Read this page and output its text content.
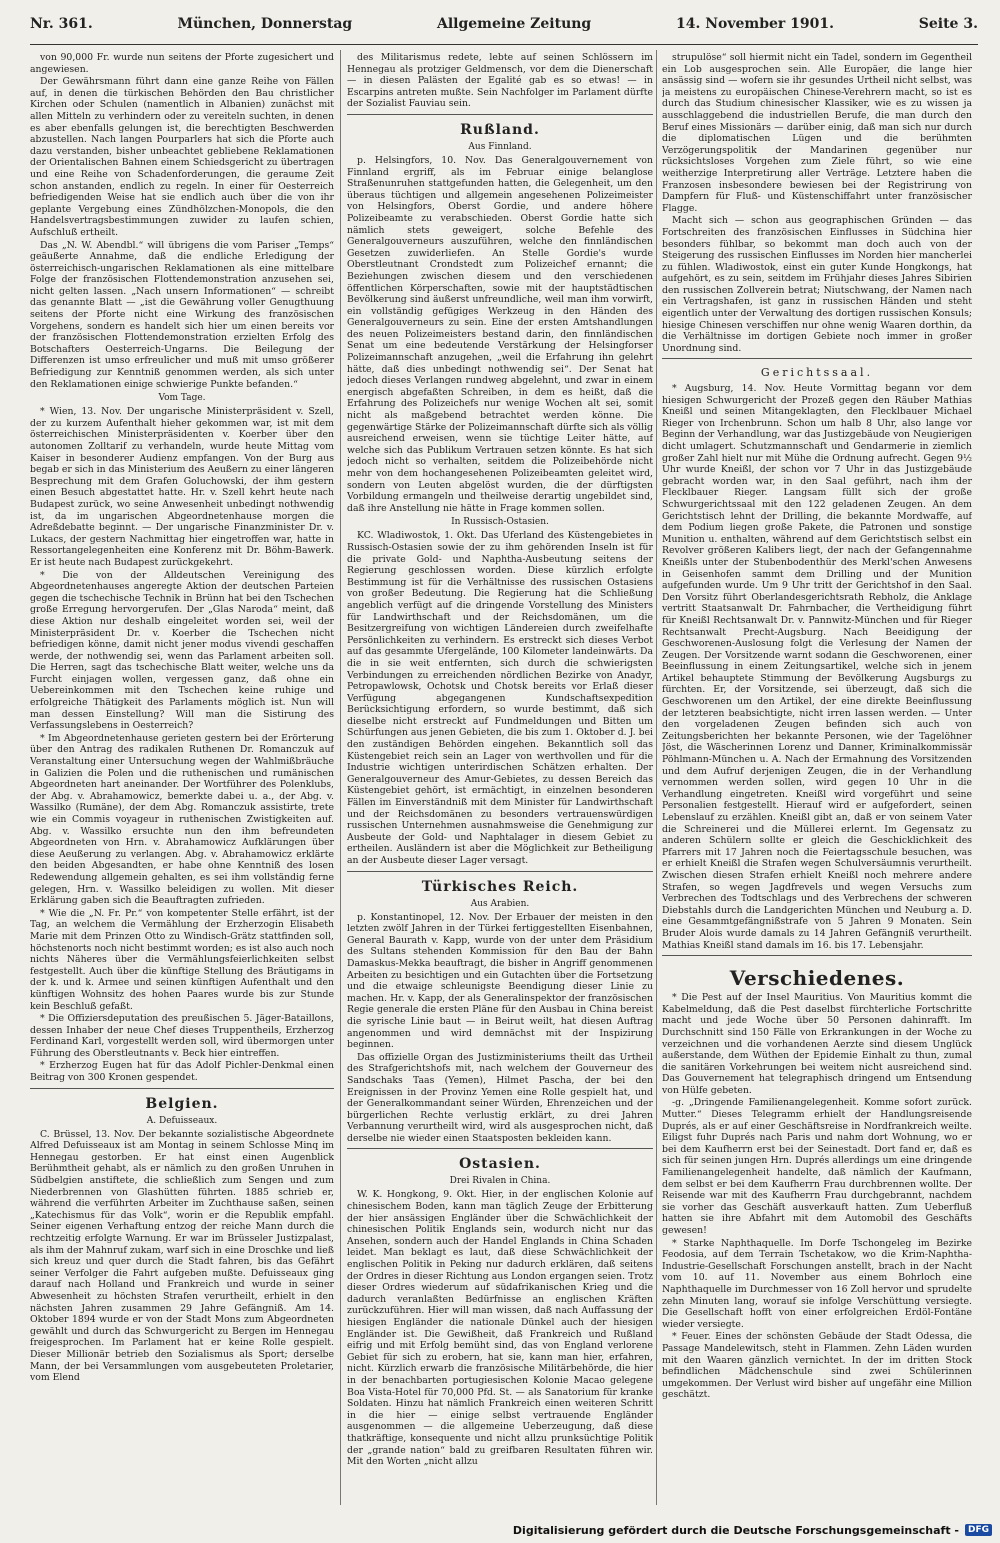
Nr. 361.	München, Donnerstag	Allgemeine Zeitung	14. November 1901.	Seite 3.

von 90,000 Fr. wurde nun seitens der Pforte zugesichert und angewiesen.

Der Gewährsmann führt dann eine ganze Reihe von Fällen auf, in denen die türkischen Behörden den Bau christlicher Kirchen oder Schulen (namentlich in Albanien) zunächst mit allen Mitteln zu verhindern oder zu vereiteln suchten, in denen es aber ebenfalls gelungen ist, die berechtigten Beschwerden abzustellen. Nach langen Pourparlers hat sich die Pforte auch dazu verstanden, bisher unbeachtet gebliebene Reklamationen der Orientalischen Bahnen einem Schiedsgericht zu übertragen und eine Reihe von Schadenforderungen, die geraume Zeit schon anstanden, endlich zu regeln. In einer für Oesterreich befriedigenden Weise hat sie endlich auch über die von ihr geplante Vergebung eines Zündhölzchen-Monopols, die den Handelsvertragsbestimmungen zuwider zu laufen schien, Aufschluß ertheilt.

Das „N. W. Abendbl.“ will übrigens die vom Pariser „Temps“ geäußerte Annahme, daß die endliche Erledigung der österreichisch-ungarischen Reklamationen als eine mittelbare Folge der französischen Flottendemonstration anzusehen sei, nicht gelten lassen. „Nach unsern Informationen“ — schreibt das genannte Blatt — „ist die Gewährung voller Genugthuung seitens der Pforte nicht eine Wirkung des französischen Vorgehens, sondern es handelt sich hier um einen bereits vor der französischen Flottendemonstration erzielten Erfolg des Botschafters Oesterreich-Ungarns. Die Beilegung der Differenzen ist umso erfreulicher und muß mit umso größerer Befriedigung zur Kenntniß genommen werden, als sich unter den Reklamationen einige schwierige Punkte befanden.“

Vom Tage.

* Wien, 13. Nov. Der ungarische Ministerpräsident v. Szell, der zu kurzem Aufenthalt hieher gekommen war, ist mit dem österreichischen Ministerpräsidenten v. Koerber über den autonomen Zolltarif zu verhandeln, wurde heute Mittag vom Kaiser in besonderer Audienz empfangen. Von der Burg aus begab er sich in das Ministerium des Aeußern zu einer längeren Besprechung mit dem Grafen Goluchowski, der ihm gestern einen Besuch abgestattet hatte. Hr. v. Szell kehrt heute nach Budapest zurück, wo seine Anwesenheit unbedingt nothwendig ist, da im ungarischen Abgeordnetenhause morgen die Adreßdebatte beginnt. — Der ungarische Finanzminister Dr. v. Lukacs, der gestern Nachmittag hier eingetroffen war, hatte in Ressortangelegenheiten eine Konferenz mit Dr. Böhm-Bawerk. Er ist heute nach Budapest zurückgekehrt.

* Die von der Alldeutschen Vereinigung des Abgeordnetenhauses angeregte Aktion der deutschen Parteien gegen die tschechische Technik in Brünn hat bei den Tschechen große Erregung hervorgerufen. Der „Glas Naroda“ meint, daß diese Aktion nur deshalb eingeleitet worden sei, weil der Ministerpräsident Dr. v. Koerber die Tschechen nicht befriedigen könne, damit nicht jener modus vivendi geschaffen werde, der nothwendig sei, wenn das Parlament arbeiten soll. Die Herren, sagt das tschechische Blatt weiter, welche uns da Furcht einjagen wollen, vergessen ganz, daß ohne ein Uebereinkommen mit den Tschechen keine ruhige und erfolgreiche Thätigkeit des Parlaments möglich ist. Nun will man dessen Einstellung? Will man die Sistirung des Verfassungslebens in Oesterreich?

* Im Abgeordnetenhause gerieten gestern bei der Erörterung über den Antrag des radikalen Ruthenen Dr. Romanczuk auf Veranstaltung einer Untersuchung wegen der Wahlmißbräuche in Galizien die Polen und die ruthenischen und rumänischen Abgeordneten hart aneinander. Der Wortführer des Polenklubs, der Abg. v. Abrahamowicz, bemerkte dabei u. a., der Abg. v. Wassilko (Rumäne), der dem Abg. Romanczuk assistirte, trete wie ein Commis voyageur in ruthenischen Zwistigkeiten auf. Abg. v. Wassilko ersuchte nun den ihm befreundeten Abgeordneten von Hrn. v. Abrahamowicz Aufklärungen über diese Aeußerung zu verlangen. Abg. v. Abrahamowicz erklärte den beiden Abgesandten, er habe ohne Kenntniß des losen Redewendung allgemein gehalten, es sei ihm vollständig ferne gelegen, Hrn. v. Wassilko beleidigen zu wollen. Mit dieser Erklärung gaben sich die Beauftragten zufrieden.

* Wie die „N. Fr. Pr.“ von kompetenter Stelle erfährt, ist der Tag, an welchem die Vermählung der Erzherzogin Elisabeth Marie mit dem Prinzen Otto zu Windisch-Grätz stattfinden soll, höchstenorts noch nicht bestimmt worden; es ist also auch noch nichts Näheres über die Vermählungsfeierlichkeiten selbst festgestellt. Auch über die künftige Stellung des Bräutigams in der k. und k. Armee und seinen künftigen Aufenthalt und den künftigen Wohnsitz des hohen Paares wurde bis zur Stunde kein Beschluß gefaßt.

* Die Offiziersdeputation des preußischen 5. Jäger-Bataillons, dessen Inhaber der neue Chef dieses Truppentheils, Erzherzog Ferdinand Karl, vorgestellt werden soll, wird übermorgen unter Führung des Oberstleutnants v. Beck hier eintreffen.

* Erzherzog Eugen hat für das Adolf Pichler-Denkmal einen Beitrag von 300 Kronen gespendet.

Belgien.
A. Defuisseaux.

C. Brüssel, 13. Nov. Der bekannte sozialistische Abgeordnete Alfred Defuisseaux ist am Montag in seinem Schlosse Minq im Hennegau gestorben. Er hat einst einen Augenblick Berühmtheit gehabt, als er nämlich zu den großen Unruhen in Südbelgien anstiftete, die schließlich zum Sengen und zum Niederbrennen von Glashütten führten. 1885 schrieb er, während die verführten Arbeiter im Zuchthause saßen, seinen „Katechismus für das Volk“, worin er die Republik empfahl. Seiner eigenen Verhaftung entzog der reiche Mann durch die rechtzeitig erfolgte Warnung. Er war im Brüsseler Justizpalast, als ihm der Mahnruf zukam, warf sich in eine Droschke und ließ sich kreuz und quer durch die Stadt fahren, bis das Gefährt seiner Verfolger die Fahrt aufgeben mußte. Defuisseaux ging darauf nach Holland und Frankreich und wurde in seiner Abwesenheit zu höchsten Strafen verurtheilt, erhielt in den nächsten Jahren zusammen 29 Jahre Gefängniß. Am 14. Oktober 1894 wurde er von der Stadt Mons zum Abgeordneten gewählt und durch das Schwurgericht zu Bergen im Hennegau freigesprochen. Im Parlament hat er keine Rolle gespielt. Dieser Millionär betrieb den Sozialismus als Sport; derselbe Mann, der bei Versammlungen vom ausgebeuteten Proletarier, vom Elend

des Militarismus redete, lebte auf seinen Schlössern im Hennegau als protziger Geldmensch, vor dem die Dienerschaft — in diesen Palästen der Egalité gab es so etwas! — in Escarpins antreten mußte. Sein Nachfolger im Parlament dürfte der Sozialist Fauviau sein.

Rußland.
Aus Finnland.

p. Helsingfors, 10. Nov. Das Generalgouvernement von Finnland ergriff, als im Februar einige belanglose Straßenunruhen stattgefunden hatten, die Gelegenheit, um den überaus tüchtigen und allgemein angesehenen Polizeimeister von Helsingfors, Oberst Gordie, und andere höhere Polizeibeamte zu verabschieden. Oberst Gordie hatte sich nämlich stets geweigert, solche Befehle des Generalgouverneurs auszuführen, welche den finnländischen Gesetzen zuwiderliefen. An Stelle Gordie's wurde Oberstleutnant Crondstedt zum Polizeichef ernannt; die Beziehungen zwischen diesem und den verschiedenen öffentlichen Körperschaften, sowie mit der hauptstädtischen Bevölkerung sind äußerst unfreundliche, weil man ihm vorwirft, ein vollständig gefügiges Werkzeug in den Händen des Generalgouverneurs zu sein. Eine der ersten Amtshandlungen des neuen Polizeimeisters bestand darin, den finnländischen Senat um eine bedeutende Verstärkung der Helsingforser Polizeimannschaft anzugehen, „weil die Erfahrung ihn gelehrt hätte, daß dies unbedingt nothwendig sei“. Der Senat hat jedoch dieses Verlangen rundweg abgelehnt, und zwar in einem energisch abgefaßten Schreiben, in dem es heißt, daß die Erfahrung des Polizeichefs nur wenige Wochen alt sei, somit nicht als maßgebend betrachtet werden könne. Die gegenwärtige Stärke der Polizeimannschaft dürfte sich als völlig ausreichend erweisen, wenn sie tüchtige Leiter hätte, auf welche sich das Publikum Vertrauen setzen könnte. Es hat sich jedoch nicht so verhalten, seitdem die Polizeibehörde nicht mehr von dem hochangesehenen Polizeibeamten geleitet wird, sondern von Leuten abgelöst wurden, die der dürftigsten Vorbildung ermangeln und theilweise derartig ungebildet sind, daß ihre Anstellung nie hätte in Frage kommen sollen.

In Russisch-Ostasien.

KC. Wladiwostok, 1. Okt. Das Uferland des Küstengebietes in Russisch-Ostasien sowie der zu ihm gehörenden Inseln ist für die private Gold- und Naphtha-Ausbeutung seitens der Regierung geschlossen worden. Diese kürzlich erfolgte Bestimmung ist für die Verhältnisse des russischen Ostasiens von großer Bedeutung. Die Regierung hat die Schließung angeblich verfügt auf die dringende Vorstellung des Ministers für Landwirthschaft und der Reichsdomänen, um die Besitzergreifung von wichtigen Ländereien durch zweifelhafte Persönlichkeiten zu verhindern. Es erstreckt sich dieses Verbot auf das gesammte Ufergelände, 100 Kilometer landeinwärts. Da die in sie weit entfernten, sich durch die schwierigsten Verbindungen zu erreichenden nördlichen Bezirke von Anadyr, Petropawlowsk, Ochotsk und Chotsk bereits vor Erlaß dieser Verfügung abgegangenen Kundschaftsexpedition Berücksichtigung erfordern, so wurde bestimmt, daß sich dieselbe nicht erstreckt auf Fundmeldungen und Bitten um Schürfungen aus jenen Gebieten, die bis zum 1. Oktober d. J. bei den zuständigen Behörden eingehen. Bekanntlich soll das Küstengebiet reich sein an Lager von werthvollen und für die Industrie wichtigen unterirdischen Schätzen erhalten. Der Generalgouverneur des Amur-Gebietes, zu dessen Bereich das Küstengebiet gehört, ist ermächtigt, in einzelnen besonderen Fällen im Einverständniß mit dem Minister für Landwirthschaft und der Reichsdomänen zu besonders vertrauenswürdigen russischen Unternehmen ausnahmsweise die Genehmigung zur Ausbeute der Gold- und Naphtalager in diesem Gebiet zu ertheilen. Ausländern ist aber die Möglichkeit zur Betheiligung an der Ausbeute dieser Lager versagt.

Türkisches Reich.
Aus Arabien.

p. Konstantinopel, 12. Nov. Der Erbauer der meisten in den letzten zwölf Jahren in der Türkei fertiggestellten Eisenbahnen, General Baurath v. Kapp, wurde von der unter dem Präsidium des Sultans stehenden Kommission für den Bau der Bahn Damaskus-Mekka beauftragt, die bisher in Angriff genommenen Arbeiten zu besichtigen und ein Gutachten über die Fortsetzung und die etwaige schleunigste Beendigung dieser Linie zu machen. Hr. v. Kapp, der als Generalinspektor der französischen Regie generale die ersten Pläne für den Ausbau in China bereist die syrische Linie baut — in Beirut weilt, hat diesen Auftrag angenommen und wird demnächst mit der Inspizirung beginnen.

Das offizielle Organ des Justizministeriums theilt das Urtheil des Strafgerichtshofs mit, nach welchem der Gouverneur des Sandschaks Taas (Yemen), Hilmet Pascha, der bei den Ereignissen in der Provinz Yemen eine Rolle gespielt hat, und der Generalkommandant seiner Würden, Ehrenzeichen und der bürgerlichen Rechte verlustig erklärt, zu drei Jahren Verbannung verurtheilt wird, wird als ausgesprochen nicht, daß derselbe nie wieder einen Staatsposten bekleiden kann.

Ostasien.
Drei Rivalen in China.

W. K. Hongkong, 9. Okt. Hier, in der englischen Kolonie auf chinesischem Boden, kann man täglich Zeuge der Erbitterung der hier ansässigen Engländer über die Schwächlichkeit der chinesischen Politik Englands sein, wodurch nicht nur das Ansehen, sondern auch der Handel Englands in China Schaden leidet. Man beklagt es laut, daß diese Schwächlichkeit der englischen Politik in Peking nur dadurch erklären, daß seitens der Ordres in dieser Richtung aus London ergangen seien. Trotz dieser Ordres wiederum auf südafrikanischen Krieg und die dadurch veranlaßten Bedürfnisse an englischen Kräften zurückzuführen. Hier will man wissen, daß nach Auffassung der hiesigen Engländer die nationale Dünkel auch der hiesigen Engländer ist. Die Gewißheit, daß Frankreich und Rußland eifrig und mit Erfolg bemüht sind, das von England verlorene Gebiet für sich zu erobern, hat sie, kann man hier, erfahren, nicht. Kürzlich erwarb die französische Militärbehörde, die hier in der benachbarten portugiesischen Kolonie Macao gelegene Boa Vista-Hotel für 70,000 Pfd. St. — als Sanatorium für kranke Soldaten. Hinzu hat nämlich Frankreich einen weiteren Schritt in die hier — einige selbst vertrauende Engländer ausgenommen — die allgemeine Ueberzeugung, daß diese thatkräftige, konsequente und nicht allzu prunksüchtige Politik der „grande nation“ bald zu greifbaren Resultaten führen wir. Mit den Worten „nicht allzu

strupulöse“ soll hiermit nicht ein Tadel, sondern im Gegentheil ein Lob ausgesprochen sein. Alle Europäer, die lange hier ansässig sind — wofern sie ihr gesundes Urtheil nicht selbst, was ja meistens zu europäischen Chinese-Verehrern macht, so ist es durch das Studium chinesischer Klassiker, wie es zu wissen ja ausschlaggebend die industriellen Berufe, die man durch den Beruf eines Missionärs — darüber einig, daß man sich nur durch die diplomatischen Lügen und die berühmten Verzögerungspolitik der Mandarinen gegenüber nur rücksichtsloses Vorgehen zum Ziele führt, so wie eine weitherzige Interpretirung aller Verträge. Letztere haben die Franzosen insbesondere bewiesen bei der Registrirung von Dampfern für Fluß- und Küstenschiffahrt unter französischer Flagge.

Macht sich — schon aus geographischen Gründen — das Fortschreiten des französischen Einflusses in Südchina hier besonders fühlbar, so bekommt man doch auch von der Steigerung des russischen Einflusses im Norden hier mancherlei zu fühlen. Wladiwostok, einst ein guter Kunde Hongkongs, hat aufgehört, es zu sein, seitdem im Frühjahr dieses Jahres Sibirien den russischen Zollverein betrat; Niutschwang, der Namen nach ein Vertragshafen, ist ganz in russischen Händen und steht eigentlich unter der Verwaltung des dortigen russischen Konsuls; hiesige Chinesen verschiffen nur ohne wenig Waaren dorthin, da die Verhältnisse im dortigen Gebiete noch immer in großer Unordnung sind.

Gerichtssaal.

* Augsburg, 14. Nov. Heute Vormittag begann vor dem hiesigen Schwurgericht der Prozeß gegen den Räuber Mathias Kneißl und seinen Mitangeklagten, den Flecklbauer Michael Rieger von Irchenbrunn. Schon um halb 8 Uhr, also lange vor Beginn der Verhandlung, war das Justizgebäude von Neugierigen dicht umlagert. Schutzmannschaft und Gendarmerie in ziemlich großer Zahl hielt nur mit Mühe die Ordnung aufrecht. Gegen 9½ Uhr wurde Kneißl, der schon vor 7 Uhr in das Justizgebäude gebracht worden war, in den Saal geführt, nach ihm der Flecklbauer Rieger. Langsam füllt sich der große Schwurgerichtssaal mit den 122 geladenen Zeugen. An dem Gerichtstisch lehnt der Drilling, die bekannte Mordwaffe, auf dem Podium liegen große Pakete, die Patronen und sonstige Munition u. enthalten, während auf dem Gerichtstisch selbst ein Revolver größeren Kalibers liegt, der nach der Gefangennahme Kneißls unter der Stubenbodenthür des Merkl'schen Anwesens in Geisenhofen sammt dem Drilling und der Munition aufgefunden wurde. Um 9 Uhr tritt der Gerichtshof in den Saal. Den Vorsitz führt Oberlandesgerichtsrath Rebholz, die Anklage vertritt Staatsanwalt Dr. Fahrnbacher, die Vertheidigung führt für Kneißl Rechtsanwalt Dr. v. Pannwitz-München und für Rieger Rechtsanwalt Precht-Augsburg. Nach Beeidigung der Geschworenen-Auslosung folgt die Verlesung der Namen der Zeugen. Der Vorsitzende warnt sodann die Geschworenen, einer Beeinflussung in einem Zeitungsartikel, welche sich in jenem Artikel behauptete Stimmung der Bevölkerung Augsburgs zu fürchten. Er, der Vorsitzende, sei überzeugt, daß sich die Geschworenen um den Artikel, der eine direkte Beeinflussung der letzteren beabsichtigte, nicht irren lassen werden. — Unter den vorgeladenen Zeugen befinden sich auch von Zeitungsberichten her bekannte Personen, wie der Tagelöhner Jöst, die Wäscherinnen Lorenz und Danner, Kriminalkommissär Pöhlmann-München u. A. Nach der Ermahnung des Vorsitzenden und dem Aufruf derjenigen Zeugen, die in der Verhandlung vernommen werden sollen, wird gegen 10 Uhr in die Verhandlung eingetreten. Kneißl wird vorgeführt und seine Personalien festgestellt. Hierauf wird er aufgefordert, seinen Lebenslauf zu erzählen. Kneißl gibt an, daß er von seinem Vater die Schreinerei und die Müllerei erlernt. Im Gegensatz zu anderen Schülern sollte er gleich die Geschicklichkeit des Pfarrers mit 17 Jahren noch die Feiertagsschule besuchen, was er erhielt Kneißl die Strafen wegen Schulversäumnis verurtheilt. Zwischen diesen Strafen erhielt Kneißl noch mehrere andere Strafen, so wegen Jagdfrevels und wegen Versuchs zum Verbrechen des Todtschlags und des Verbrechens der schweren Diebstahls durch die Landgerichten München und Neuburg a. D. eine Gesammtgefängnißstrafe von 5 Jahren 9 Monaten. Sein Bruder Alois wurde damals zu 14 Jahren Gefängniß verurtheilt. Mathias Kneißl stand damals im 16. bis 17. Lebensjahr.

Verschiedenes.

* Die Pest auf der Insel Mauritius. Von Mauritius kommt die Kabelmeldung, daß die Pest daselbst fürchterliche Fortschritte macht und jede Woche über 50 Personen dahinrafft. Im Durchschnitt sind 150 Fälle von Erkrankungen in der Woche zu verzeichnen und die vorhandenen Aerzte sind diesem Unglück außerstande, dem Wüthen der Epidemie Einhalt zu thun, zumal die sanitären Vorkehrungen bei weitem nicht ausreichend sind. Das Gouvernement hat telegraphisch dringend um Entsendung von Hülfe gebeten.

-g. „Dringende Familienangelegenheit. Komme sofort zurück. Mutter.“ Dieses Telegramm erhielt der Handlungsreisende Duprés, als er auf einer Geschäftsreise in Nordfrankreich weilte. Eiligst fuhr Duprés nach Paris und nahm dort Wohnung, wo er bei dem Kaufherrn erst bei der Seinestadt. Dort fand er, daß es sich für seinen jungen Hrn. Duprés allerdings um eine dringende Familienangelegenheit handelte, daß nämlich der Kaufmann, dem selbst er bei dem Kaufherrn Frau durchbrennen wollte. Der Reisende war mit des Kaufherrn Frau durchgebrannt, nachdem sie vorher das Geschäft ausverkauft hatten. Zum Ueberfluß hatten sie ihre Abfahrt mit dem Automobil des Geschäfts gewesen!

* Starke Naphthaquelle. Im Dorfe Tschongeleg im Bezirke Feodosia, auf dem Terrain Tschetakow, wo die Krim-Naphtha-Industrie-Gesellschaft Forschungen anstellt, brach in der Nacht vom 10. auf 11. November aus einem Bohrloch eine Naphthaquelle im Durchmesser von 16 Zoll hervor und sprudelte zehn Minuten lang, worauf sie infolge Verschüttung versiegte. Die Gesellschaft hofft von einer erfolgreichen Erdöl-Fontäne wieder versiegte.

* Feuer. Eines der schönsten Gebäude der Stadt Odessa, die Passage Mandelewitsch, steht in Flammen. Zehn Läden wurden mit den Waaren gänzlich vernichtet. In der im dritten Stock befindlichen Mädchenschule sind zwei Schülerinnen umgekommen. Der Verlust wird bisher auf ungefähr eine Million geschätzt.

Digitalisierung gefördert durch die Deutsche Forschungsgemeinschaft -	DFG
